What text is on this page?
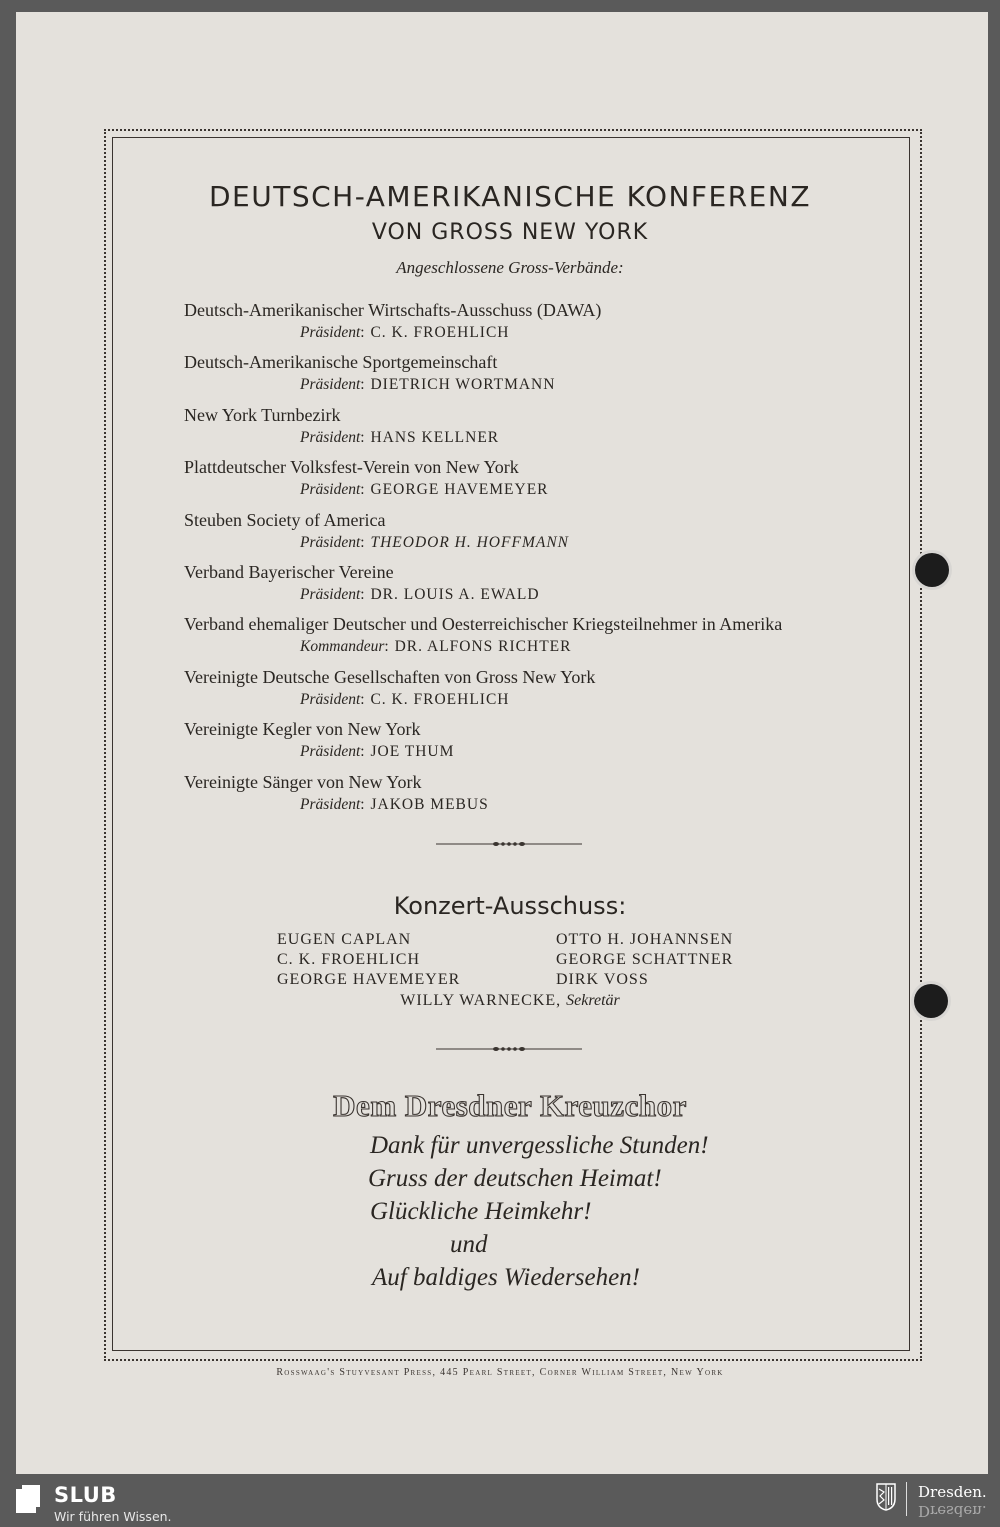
DEUTSCH-AMERIKANISCHE KONFERENZ
VON GROSS NEW YORK
Angeschlossene Gross-Verbände:
Deutsch-Amerikanischer Wirtschafts-Ausschuss (DAWA)
Präsident: C. K. FROEHLICH
Deutsch-Amerikanische Sportgemeinschaft
Präsident: DIETRICH WORTMANN
New York Turnbezirk
Präsident: HANS KELLNER
Plattdeutscher Volksfest-Verein von New York
Präsident: GEORGE HAVEMEYER
Steuben Society of America
Präsident: THEODOR H. HOFFMANN
Verband Bayerischer Vereine
Präsident: DR. LOUIS A. EWALD
Verband ehemaliger Deutscher und Oesterreichischer Kriegsteilnehmer in Amerika
Kommandeur: DR. ALFONS RICHTER
Vereinigte Deutsche Gesellschaften von Gross New York
Präsident: C. K. FROEHLICH
Vereinigte Kegler von New York
Präsident: JOE THUM
Vereinigte Sänger von New York
Präsident: JAKOB MEBUS
Konzert-Ausschuss:
EUGEN CAPLAN
C. K. FROEHLICH
GEORGE HAVEMEYER
OTTO H. JOHANNSEN
GEORGE SCHATTNER
DIRK VOSS
WILLY WARNECKE, Sekretär
Dem Dresdner Kreuzchor
Dank für unvergessliche Stunden!
Gruss der deutschen Heimat!
Glückliche Heimkehr!
und
Auf baldiges Wiedersehen!
Rosswaag's Stuyvesant Press, 445 Pearl Street, Corner William Street, New York
SLUB
Wir führen Wissen.
Dresden.
Dresden.
